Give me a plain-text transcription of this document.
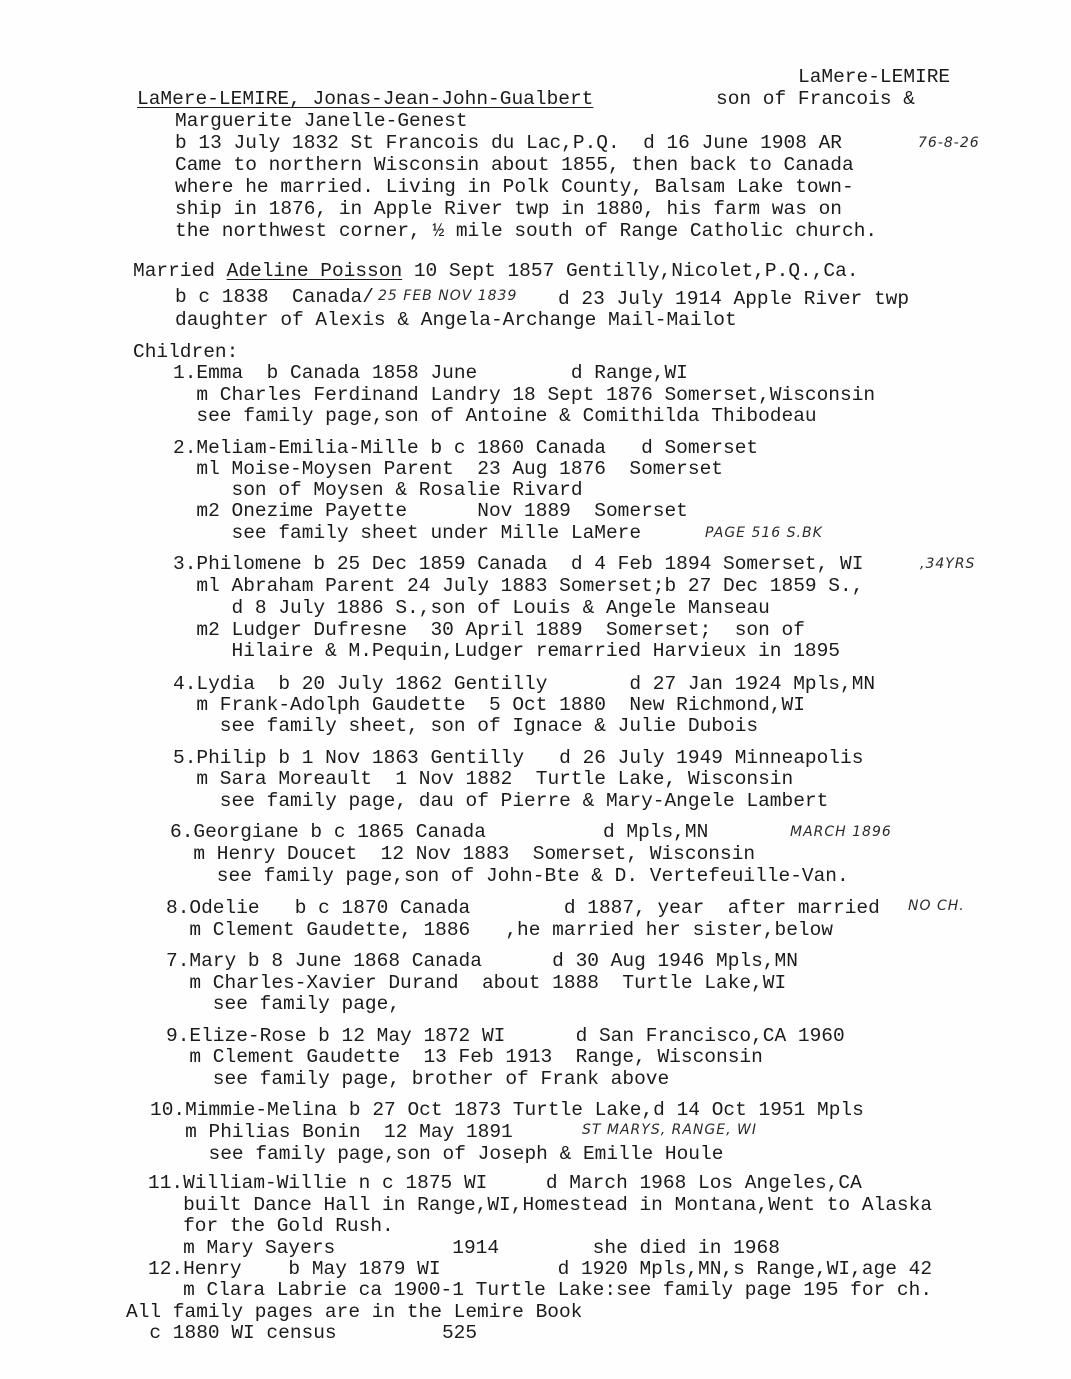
LaMere-LEMIRE
LaMere-LEMIRE, Jonas-Jean-John-Gualbert	son of Francois &
Marguerite Janelle-Genest
b 13 July 1832 St Francois du Lac,P.Q.  d 16 June 1908 AR	76-8-26
Came to northern Wisconsin about 1855, then back to Canada
where he married. Living in Polk County, Balsam Lake town-
ship in 1876, in Apple River twp in 1880, his farm was on
the northwest corner, ½ mile south of Range Catholic church.
Married Adeline Poisson 10 Sept 1857 Gentilly,Nicolet,P.Q.,Ca.
b c 1838  Canada/ 25 FEB NOV 1839 d 23 July 1914 Apple River twp
daughter of Alexis & Angela-Archange Mail-Mailot
Children:
1.Emma  b Canada 1858 June        d Range,WI
m Charles Ferdinand Landry 18 Sept 1876 Somerset,Wisconsin
see family page,son of Antoine & Comithilda Thibodeau
2.Meliam-Emilia-Mille b c 1860 Canada   d Somerset
ml Moise-Moysen Parent  23 Aug 1876  Somerset
son of Moysen & Rosalie Rivard
m2 Onezime Payette      Nov 1889  Somerset
see family sheet under Mille LaMere	PAGE 516 S.BK
3.Philomene b 25 Dec 1859 Canada  d 4 Feb 1894 Somerset, WI	,34YRS
ml Abraham Parent 24 July 1883 Somerset;b 27 Dec 1859 S.,
d 8 July 1886 S.,son of Louis & Angele Manseau
m2 Ludger Dufresne  30 April 1889  Somerset;  son of
Hilaire & M.Pequin,Ludger remarried Harvieux in 1895
4.Lydia  b 20 July 1862 Gentilly       d 27 Jan 1924 Mpls,MN
m Frank-Adolph Gaudette  5 Oct 1880  New Richmond,WI
see family sheet, son of Ignace & Julie Dubois
5.Philip b 1 Nov 1863 Gentilly   d 26 July 1949 Minneapolis
m Sara Moreault  1 Nov 1882  Turtle Lake, Wisconsin
see family page, dau of Pierre & Mary-Angele Lambert
6.Georgiane b c 1865 Canada          d Mpls,MN	MARCH 1896
m Henry Doucet  12 Nov 1883  Somerset, Wisconsin
see family page,son of John-Bte & D. Vertefeuille-Van.
8.Odelie   b c 1870 Canada        d 1887, year  after married NO CH.
m Clement Gaudette, 1886   ,he married her sister,below
7.Mary b 8 June 1868 Canada      d 30 Aug 1946 Mpls,MN
m Charles-Xavier Durand  about 1888  Turtle Lake,WI
see family page,
9.Elize-Rose b 12 May 1872 WI      d San Francisco,CA 1960
m Clement Gaudette  13 Feb 1913  Range, Wisconsin
see family page, brother of Frank above
10.Mimmie-Melina b 27 Oct 1873 Turtle Lake,d 14 Oct 1951 Mpls
m Philias Bonin  12 May 1891	ST MARYS, RANGE, WI
see family page,son of Joseph & Emille Houle
11.William-Willie n c 1875 WI     d March 1968 Los Angeles,CA
built Dance Hall in Range,WI,Homestead in Montana,Went to Alaska
for the Gold Rush.
m Mary Sayers          1914        she died in 1968
12.Henry    b May 1879 WI          d 1920 Mpls,MN,s Range,WI,age 42
m Clara Labrie ca 1900-1 Turtle Lake:see family page 195 for ch.
All family pages are in the Lemire Book
c 1880 WI census         525
